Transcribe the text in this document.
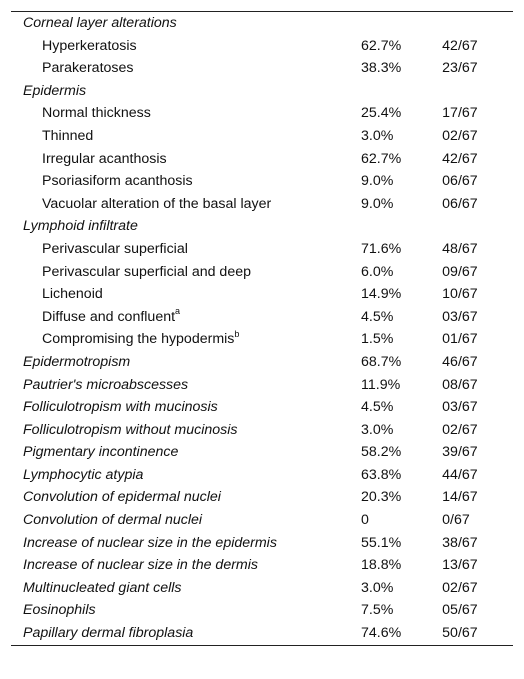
Corneal layer alterations		
Hyperkeratosis	62.7%	42/67
Parakeratoses	38.3%	23/67
Epidermis		
Normal thickness	25.4%	17/67
Thinned	3.0%	02/67
Irregular acanthosis	62.7%	42/67
Psoriasiform acanthosis	9.0%	06/67
Vacuolar alteration of the basal layer	9.0%	06/67
Lymphoid infiltrate		
Perivascular superficial	71.6%	48/67
Perivascular superficial and deep	6.0%	09/67
Lichenoid	14.9%	10/67
Diffuse and confluent$^a$	4.5%	03/67
Compromising the hypodermis$^b$	1.5%	01/67
Epidermotropism	68.7%	46/67
Pautrier's microabscesses	11.9%	08/67
Folliculotropism with mucinosis	4.5%	03/67
Folliculotropism without mucinosis	3.0%	02/67
Pigmentary incontinence	58.2%	39/67
Lymphocytic atypia	63.8%	44/67
Convolution of epidermal nuclei	20.3%	14/67
Convolution of dermal nuclei	0	0/67
Increase of nuclear size in the epidermis	55.1%	38/67
Increase of nuclear size in the dermis	18.8%	13/67
Multinucleated giant cells	3.0%	02/67
Eosinophils	7.5%	05/67
Papillary dermal fibroplasia	74.6%	50/67
